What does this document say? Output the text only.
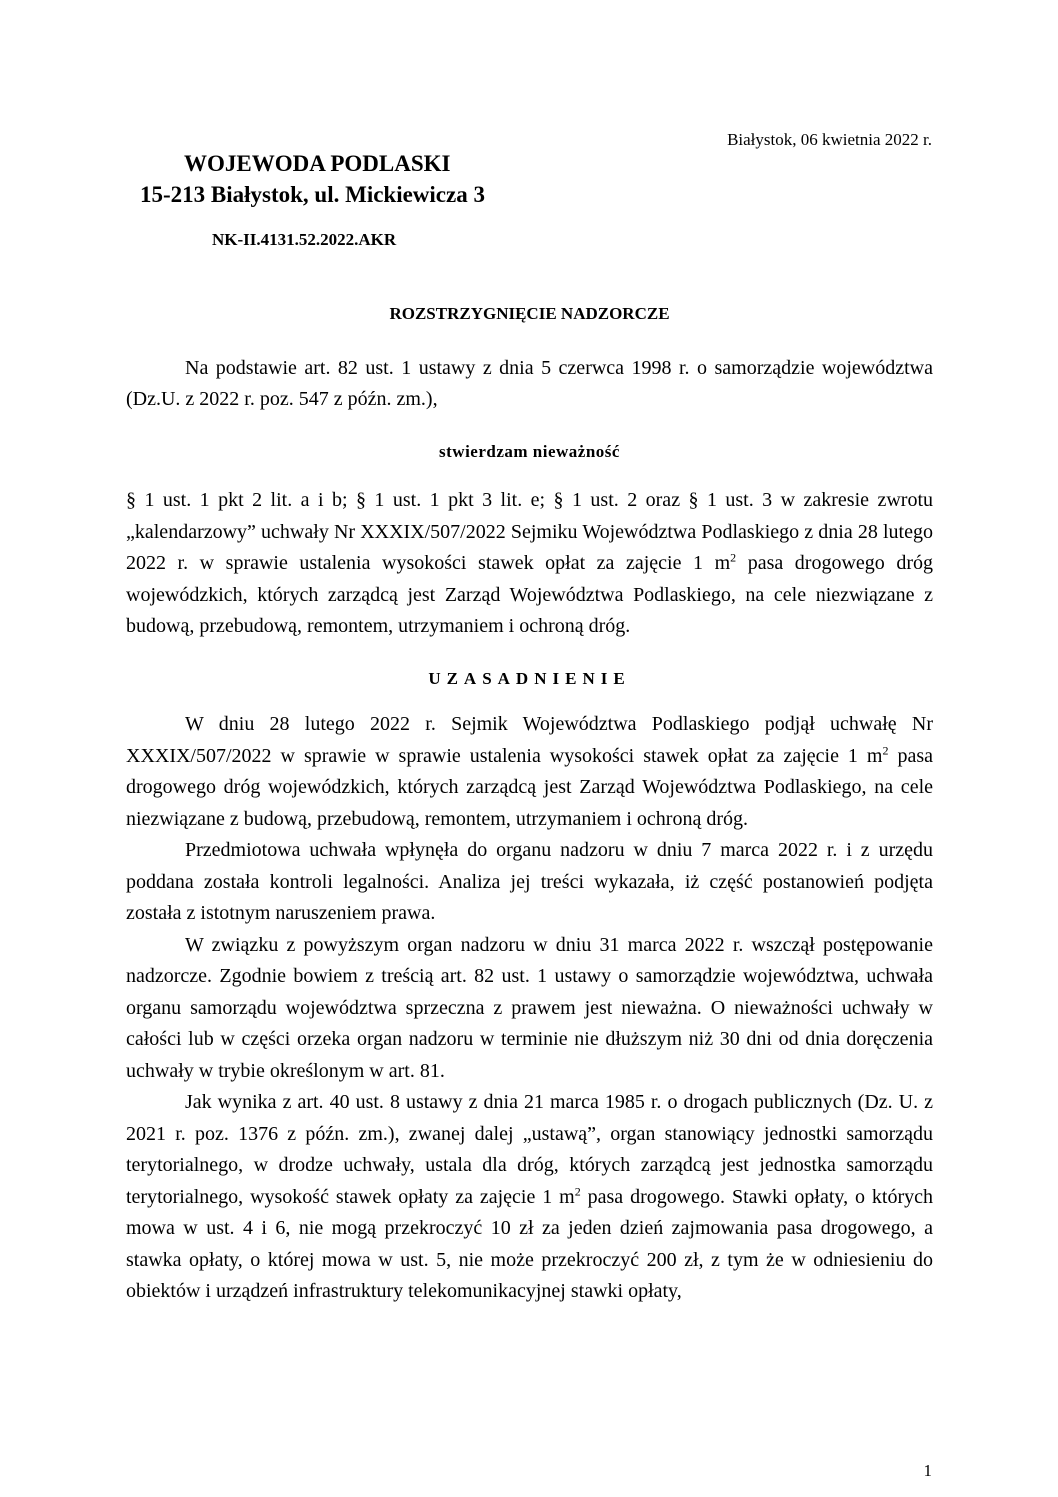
Białystok, 06 kwietnia 2022 r.
WOJEWODA PODLASKI
15-213 Białystok, ul. Mickiewicza 3
NK-II.4131.52.2022.AKR
ROZSTRZYGNIĘCIE NADZORCZE

Na podstawie art. 82 ust. 1 ustawy z dnia 5 czerwca 1998 r. o samorządzie województwa (Dz.U. z 2022 r. poz. 547 z późn. zm.),

stwierdzam nieważność

§ 1 ust. 1 pkt 2 lit. a i b; § 1 ust. 1 pkt 3 lit. e; § 1 ust. 2 oraz § 1 ust. 3 w zakresie zwrotu „kalendarzowy” uchwały Nr XXXIX/507/2022 Sejmiku Województwa Podlaskiego z dnia 28 lutego 2022 r. w sprawie ustalenia wysokości stawek opłat za zajęcie 1 $m^2$ pasa drogowego dróg wojewódzkich, których zarządcą jest Zarząd Województwa Podlaskiego, na cele niezwiązane z budową, przebudową, remontem, utrzymaniem i ochroną dróg.

UZASADNIENIE

W dniu 28 lutego 2022 r. Sejmik Województwa Podlaskiego podjął uchwałę Nr XXXIX/507/2022 w sprawie w sprawie ustalenia wysokości stawek opłat za zajęcie 1 $m^2$ pasa drogowego dróg wojewódzkich, których zarządcą jest Zarząd Województwa Podlaskiego, na cele niezwiązane z budową, przebudową, remontem, utrzymaniem i ochroną dróg.

Przedmiotowa uchwała wpłynęła do organu nadzoru w dniu 7 marca 2022 r. i z urzędu poddana została kontroli legalności. Analiza jej treści wykazała, iż część postanowień podjęta została z istotnym naruszeniem prawa.

W związku z powyższym organ nadzoru w dniu 31 marca 2022 r. wszczął postępowanie nadzorcze. Zgodnie bowiem z treścią art. 82 ust. 1 ustawy o samorządzie województwa, uchwała organu samorządu województwa sprzeczna z prawem jest nieważna. O nieważności uchwały w całości lub w części orzeka organ nadzoru w terminie nie dłuższym niż 30 dni od dnia doręczenia uchwały w trybie określonym w art. 81.

Jak wynika z art. 40 ust. 8 ustawy z dnia 21 marca 1985 r. o drogach publicznych (Dz. U. z 2021 r. poz. 1376 z późn. zm.), zwanej dalej „ustawą”, organ stanowiący jednostki samorządu terytorialnego, w drodze uchwały, ustala dla dróg, których zarządcą jest jednostka samorządu terytorialnego, wysokość stawek opłaty za zajęcie 1 $m^2$ pasa drogowego. Stawki opłaty, o których mowa w ust. 4 i 6, nie mogą przekroczyć 10 zł za jeden dzień zajmowania pasa drogowego, a stawka opłaty, o której mowa w ust. 5, nie może przekroczyć 200 zł, z tym że w odniesieniu do obiektów i urządzeń infrastruktury telekomunikacyjnej stawki opłaty,

1
